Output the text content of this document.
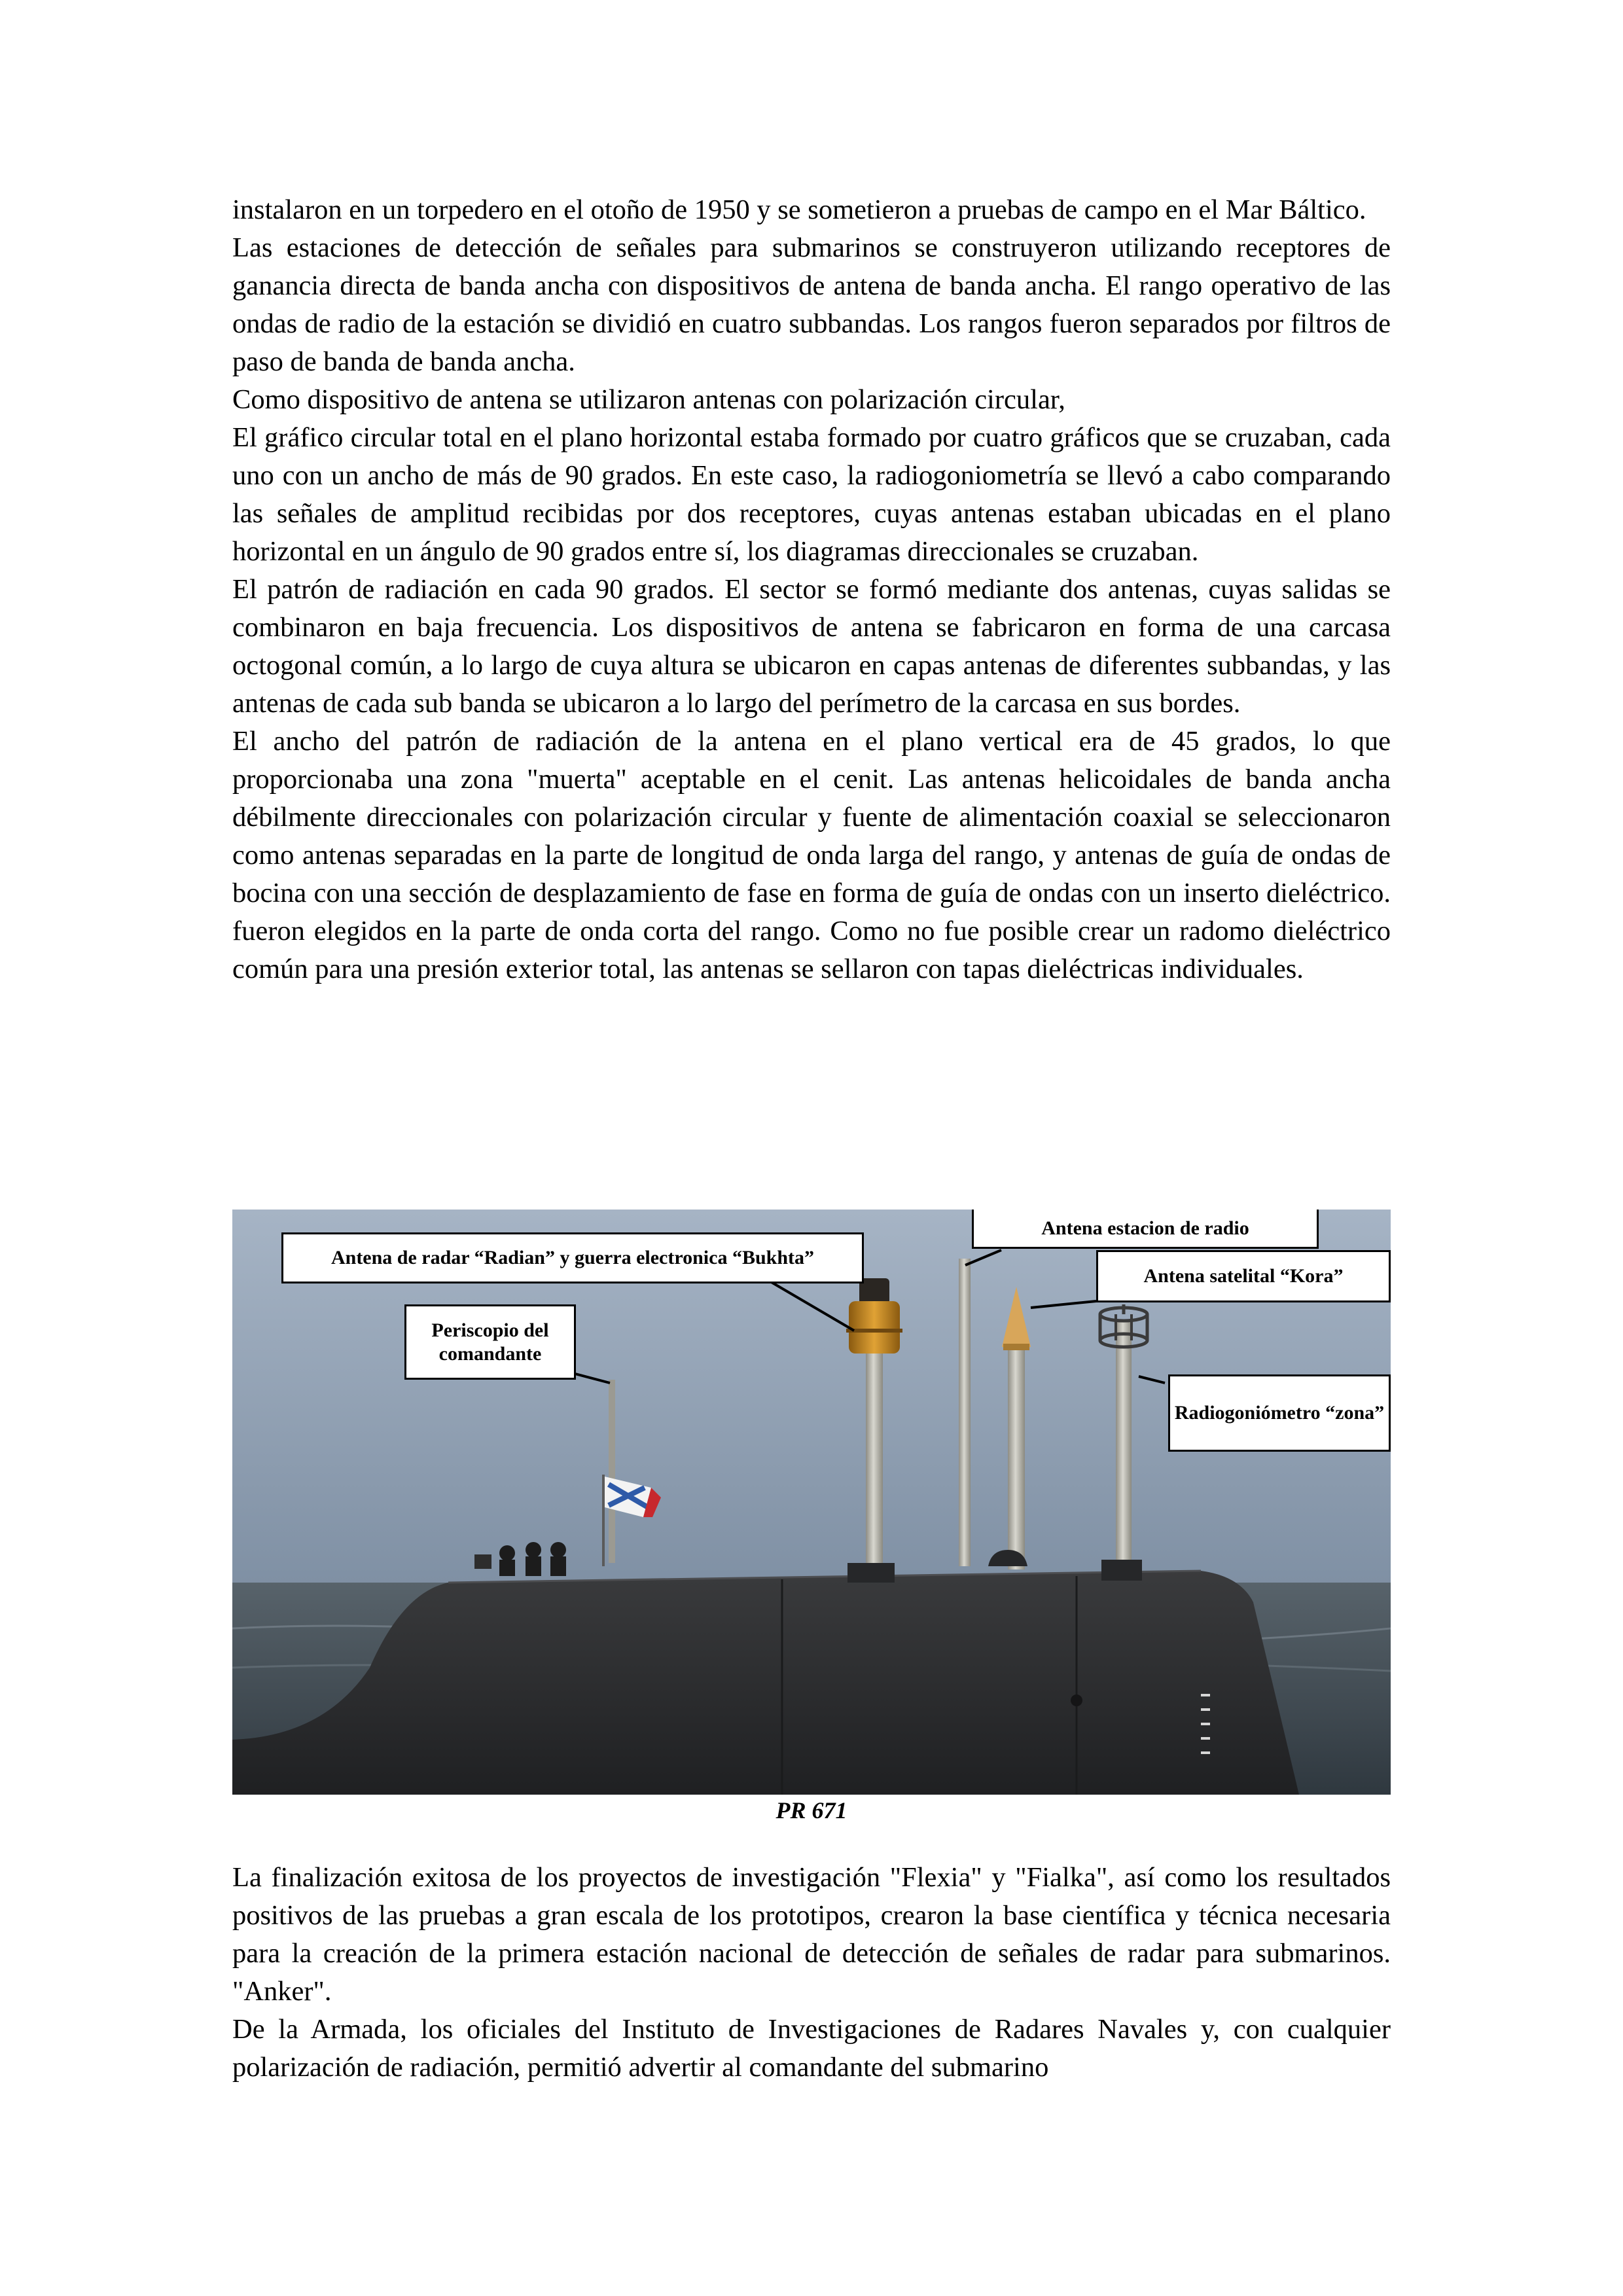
instalaron en un torpedero en el otoño de 1950 y se sometieron a pruebas de campo en el Mar Báltico.

Las estaciones de detección de señales para submarinos se construyeron utilizando receptores de ganancia directa de banda ancha con dispositivos de antena de banda ancha. El rango operativo de las ondas de radio de la estación se dividió en cuatro subbandas. Los rangos fueron separados por filtros de paso de banda de banda ancha.

Como dispositivo de antena se utilizaron antenas con polarización circular,

El gráfico circular total en el plano horizontal estaba formado por cuatro gráficos que se cruzaban, cada uno con un ancho de más de 90 grados. En este caso, la radiogoniometría se llevó a cabo comparando las señales de amplitud recibidas por dos receptores, cuyas antenas estaban ubicadas en el plano horizontal en un ángulo de 90 grados entre sí, los diagramas direccionales se cruzaban.

El patrón de radiación en cada 90 grados. El sector se formó mediante dos antenas, cuyas salidas se combinaron en baja frecuencia. Los dispositivos de antena se fabricaron en forma de una carcasa octogonal común, a lo largo de cuya altura se ubicaron en capas antenas de diferentes subbandas, y las antenas de cada sub banda se ubicaron a lo largo del perímetro de la carcasa en sus bordes.

El ancho del patrón de radiación de la antena en el plano vertical era de 45 grados, lo que proporcionaba una zona "muerta" aceptable en el cenit. Las antenas helicoidales de banda ancha débilmente direccionales con polarización circular y fuente de alimentación coaxial se seleccionaron como antenas separadas en la parte de longitud de onda larga del rango, y antenas de guía de ondas de bocina con una sección de desplazamiento de fase en forma de guía de ondas con un inserto dieléctrico. fueron elegidos en la parte de onda corta del rango. Como no fue posible crear un radomo dieléctrico común para una presión exterior total, las antenas se sellaron con tapas dieléctricas individuales.

Antena de radar “Radian” y guerra electronica “Bukhta”
Antena estacion de radio
Antena satelital “Kora”
Periscopio del comandante
Radiogoniómetro “zona”
PR 671

La finalización exitosa de los proyectos de investigación "Flexia" y "Fialka", así como los resultados positivos de las pruebas a gran escala de los prototipos, crearon la base científica y técnica necesaria para la creación de la primera estación nacional de detección de señales de radar para submarinos. "Anker".

De la Armada, los oficiales del Instituto de Investigaciones de Radares Navales y, con cualquier polarización de radiación, permitió advertir al comandante del submarino
